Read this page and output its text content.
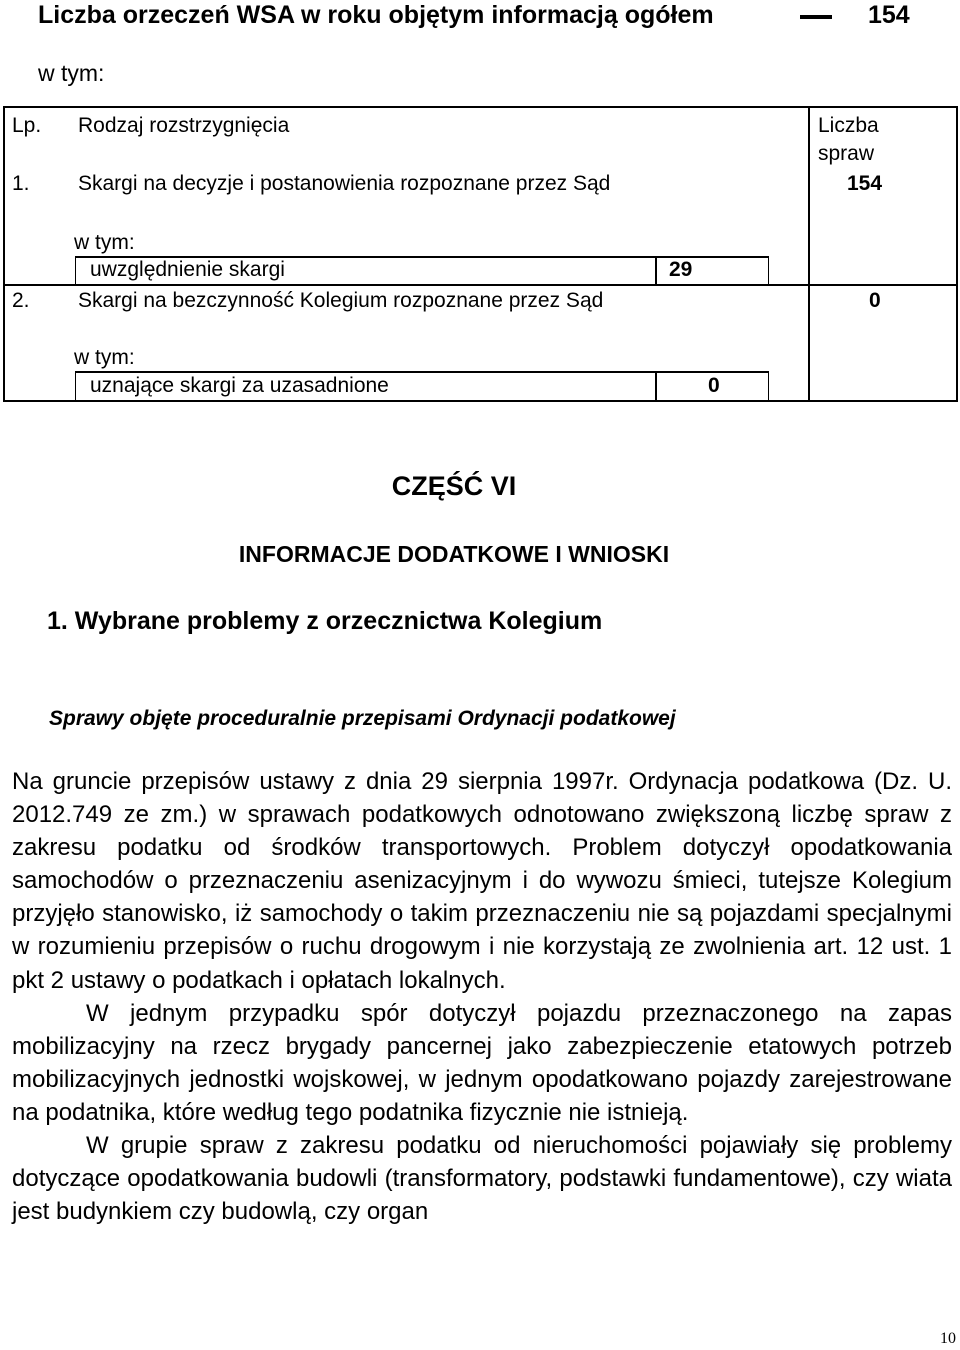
Liczba orzeczeń WSA w roku objętym informacją ogółem	154
w tym:
Lp. Rodzaj rozstrzygnięcia	Liczba
spraw
1. Skargi na decyzje i postanowienia rozpoznane przez Sąd	154
w tym:
uwzględnienie skargi	29
2. Skargi na bezczynność Kolegium rozpoznane przez Sąd	0
w tym:
uznające skargi za uzasadnione	0
CZĘŚĆ VI
INFORMACJE DODATKOWE I WNIOSKI
1. Wybrane problemy z orzecznictwa Kolegium
Sprawy objęte proceduralnie przepisami Ordynacji podatkowej

Na gruncie przepisów ustawy z dnia 29 sierpnia 1997r. Ordynacja podatkowa (Dz. U. 2012.749 ze zm.) w sprawach podatkowych odnotowano zwiększoną liczbę spraw z zakresu podatku od środków transportowych. Problem dotyczył opodatkowania samochodów o przeznaczeniu asenizacyjnym i do wywozu śmieci, tutejsze Kolegium przyjęło stanowisko, iż samochody o takim przeznaczeniu nie są pojazdami specjalnymi w rozumieniu przepisów o ruchu drogowym i nie korzystają ze zwolnienia art. 12 ust. 1 pkt 2 ustawy o podatkach i opłatach lokalnych.

W jednym przypadku spór dotyczył pojazdu przeznaczonego na zapas mobilizacyjny na rzecz brygady pancernej jako zabezpieczenie etatowych potrzeb mobilizacyjnych jednostki wojskowej, w jednym opodatkowano pojazdy zarejestrowane na podatnika, które według tego podatnika fizycznie nie istnieją.

W grupie spraw z zakresu podatku od nieruchomości pojawiały się problemy dotyczące opodatkowania budowli (transformatory, podstawki fundamentowe), czy wiata jest budynkiem czy budowlą, czy organ

10
